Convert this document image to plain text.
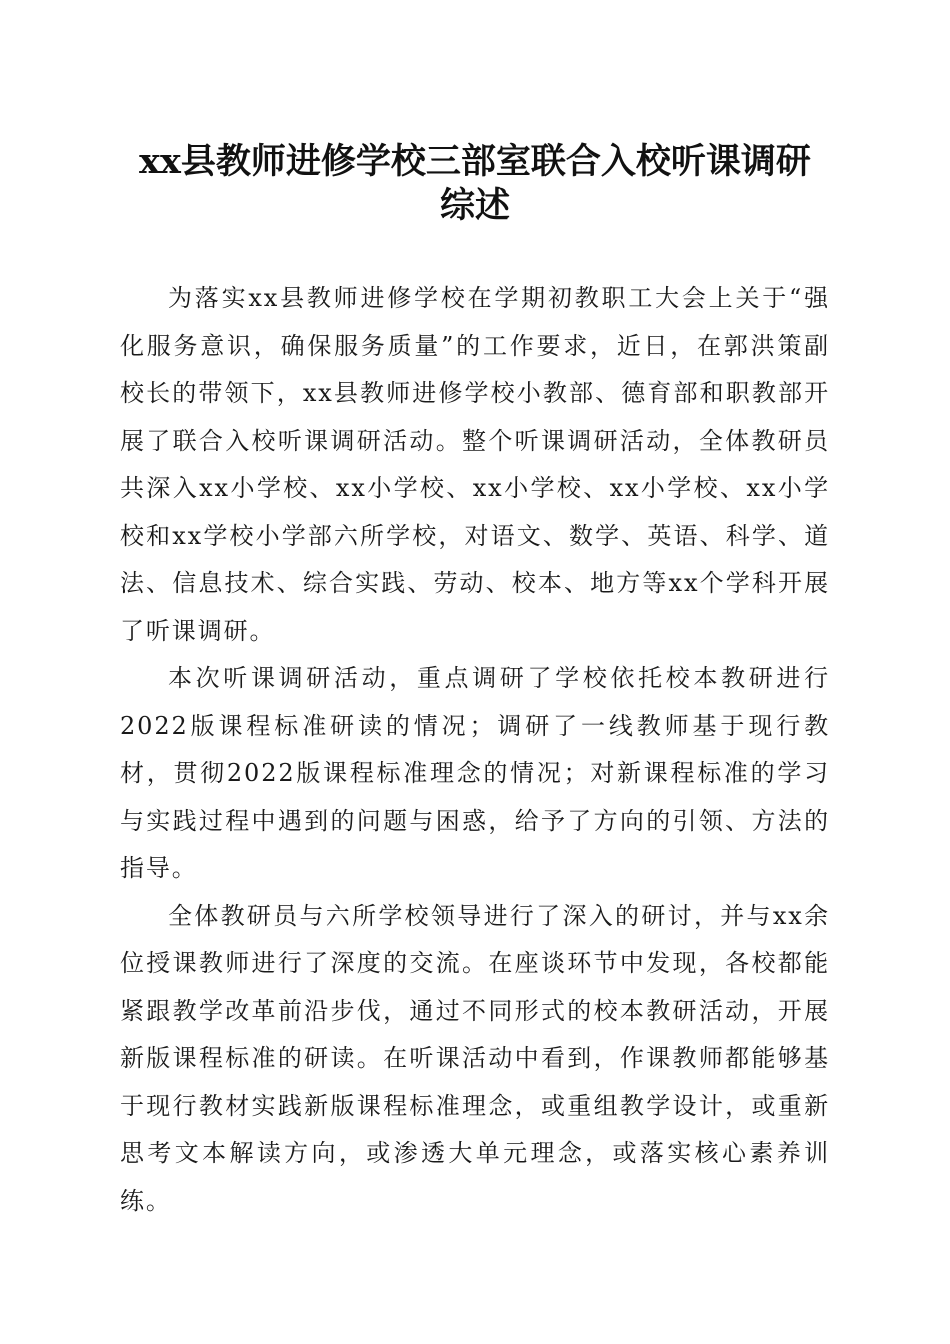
xx县教师进修学校三部室联合入校听课调研
综述

为落实xx县教师进修学校在学期初教职工大会上关于“强化服务意识，确保服务质量”的工作要求，近日，在郭洪策副校长的带领下，xx县教师进修学校小教部、德育部和职教部开展了联合入校听课调研活动。整个听课调研活动，全体教研员共深入xx小学校、xx小学校、xx小学校、xx小学校、xx小学校和xx学校小学部六所学校，对语文、数学、英语、科学、道法、信息技术、综合实践、劳动、校本、地方等xx个学科开展了听课调研。

本次听课调研活动，重点调研了学校依托校本教研进行2022版课程标准研读的情况；调研了一线教师基于现行教材，贯彻2022版课程标准理念的情况；对新课程标准的学习与实践过程中遇到的问题与困惑，给予了方向的引领、方法的指导。

全体教研员与六所学校领导进行了深入的研讨，并与xx余位授课教师进行了深度的交流。在座谈环节中发现，各校都能紧跟教学改革前沿步伐，通过不同形式的校本教研活动，开展新版课程标准的研读。在听课活动中看到，作课教师都能够基于现行教材实践新版课程标准理念，或重组教学设计，或重新思考文本解读方向，或渗透大单元理念，或落实核心素养训练。
